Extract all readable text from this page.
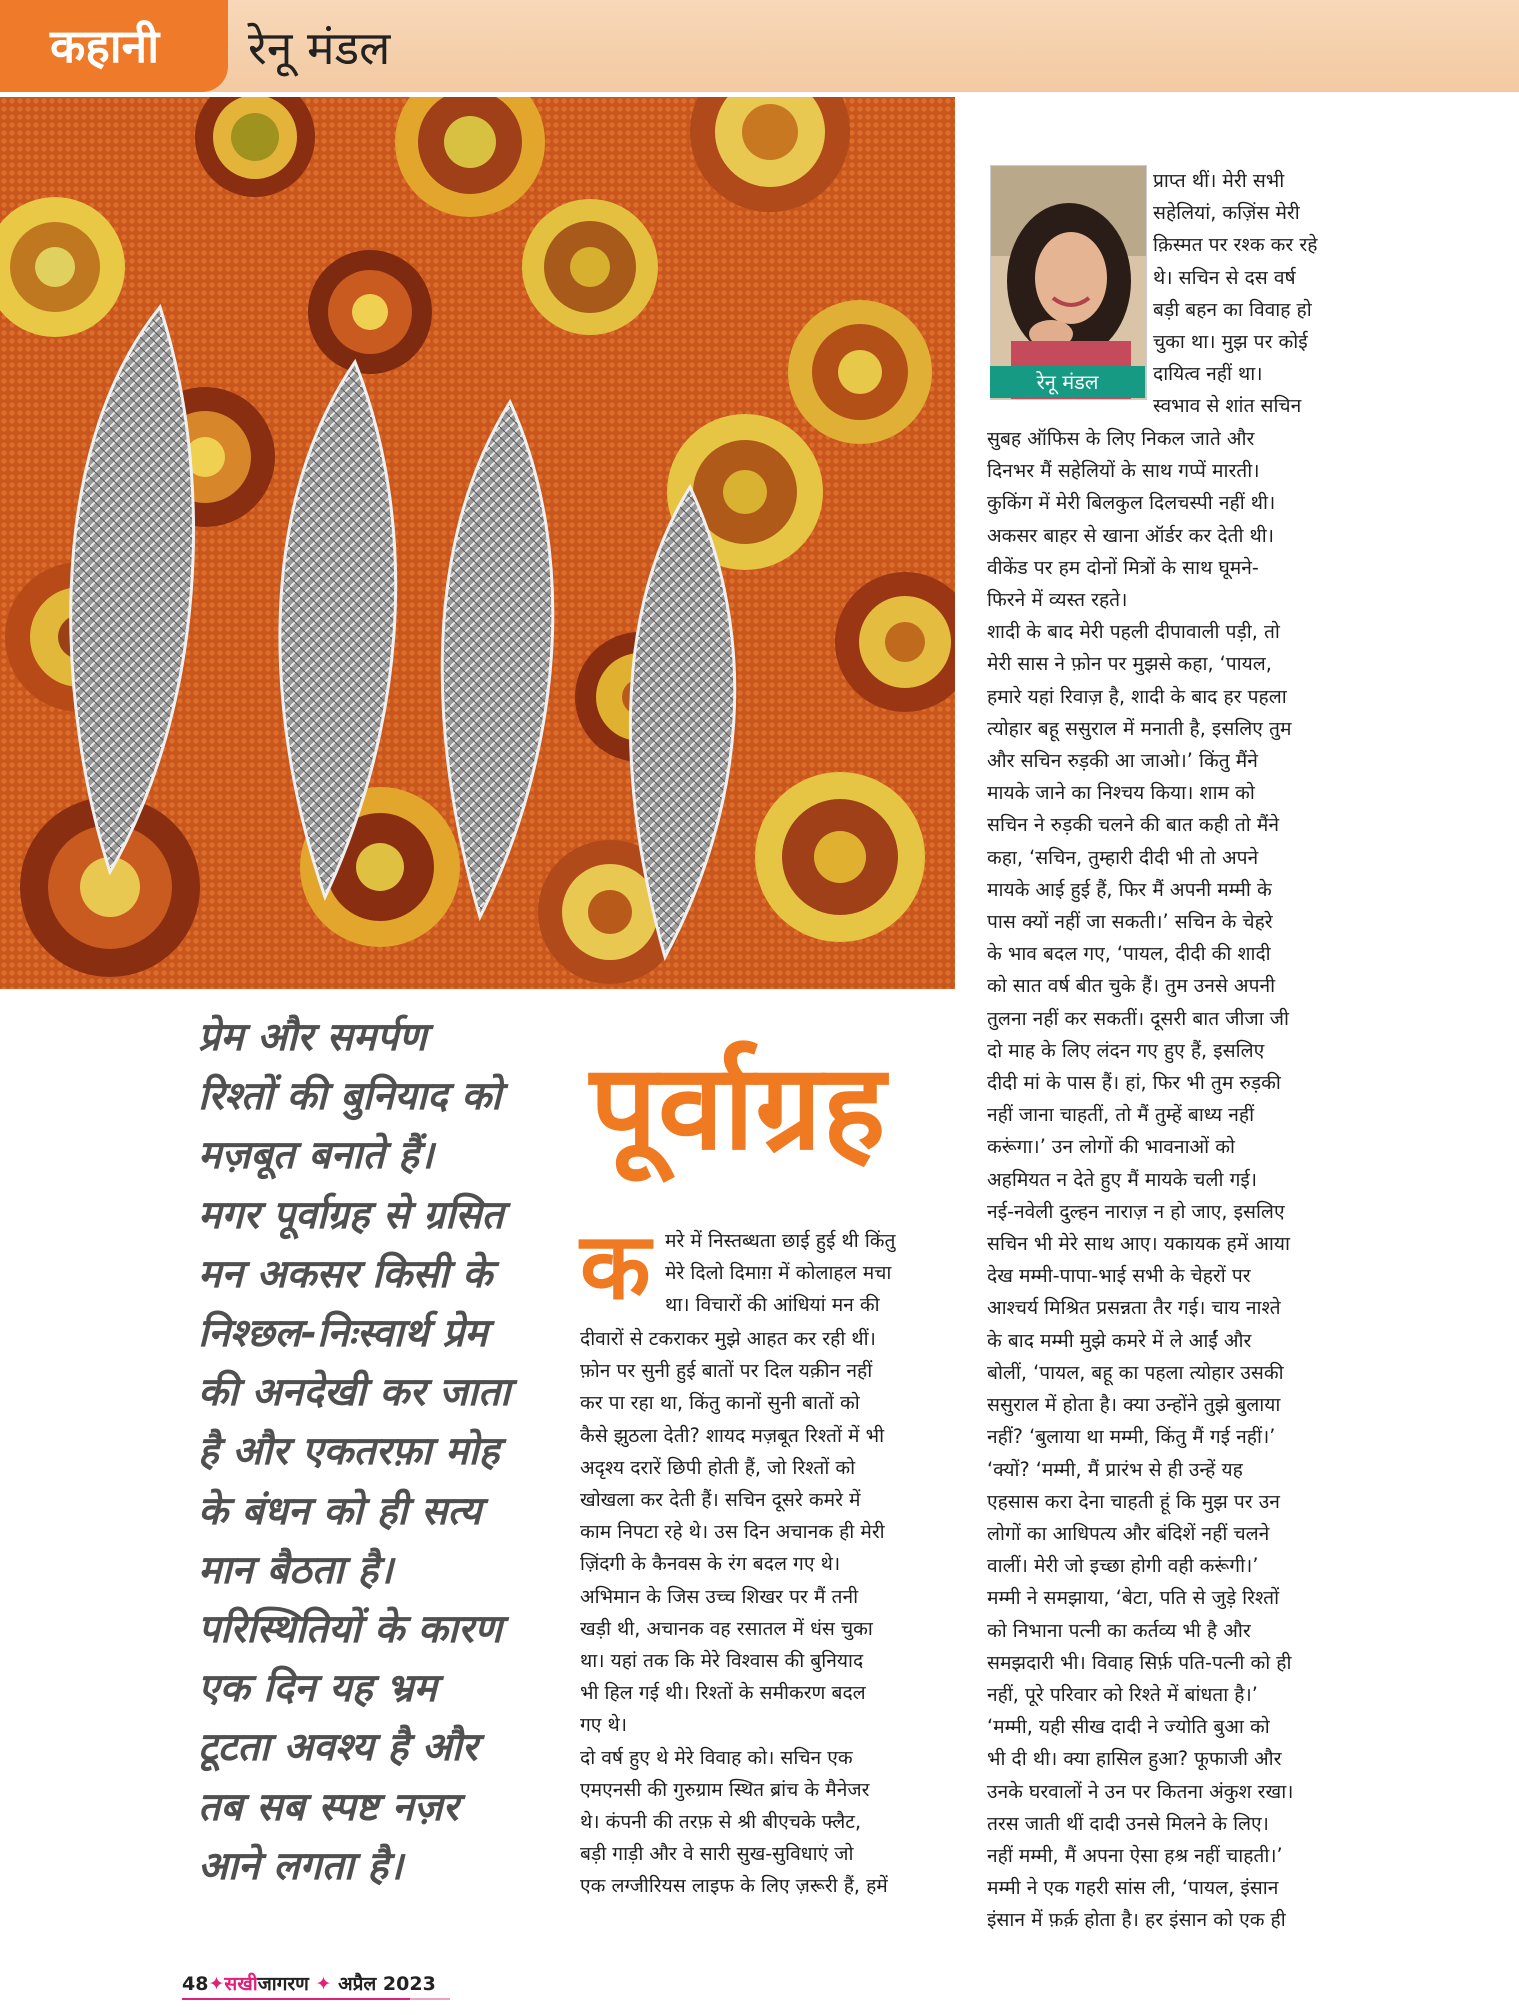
कहानी रेनू मंडल
रेनू मंडल

प्राप्त थीं। मेरी सभी
सहेलियां, कज़िंस मेरी
क़िस्मत पर रश्क कर रहे
थे। सचिन से दस वर्ष
बड़ी बहन का विवाह हो
चुका था। मुझ पर कोई
दायित्व नहीं था।
स्वभाव से शांत सचिन

सुबह ऑफिस के लिए निकल जाते और
दिनभर मैं सहेलियों के साथ गप्पें मारती।
कुकिंग में मेरी बिलकुल दिलचस्पी नहीं थी।
अकसर बाहर से खाना ऑर्डर कर देती थी।
वीकेंड पर हम दोनों मित्रों के साथ घूमने-
फिरने में व्यस्त रहते।
शादी के बाद मेरी पहली दीपावाली पड़ी, तो
मेरी सास ने फ़ोन पर मुझसे कहा, ‘पायल,
हमारे यहां रिवाज़ है, शादी के बाद हर पहला
त्योहार बहू ससुराल में मनाती है, इसलिए तुम
और सचिन रुड़की आ जाओ।’ किंतु मैंने
मायके जाने का निश्चय किया। शाम को
सचिन ने रुड़की चलने की बात कही तो मैंने
कहा, ‘सचिन, तुम्हारी दीदी भी तो अपने
मायके आई हुई हैं, फिर मैं अपनी मम्मी के
पास क्यों नहीं जा सकती।’ सचिन के चेहरे
के भाव बदल गए, ‘पायल, दीदी की शादी
को सात वर्ष बीत चुके हैं। तुम उनसे अपनी
तुलना नहीं कर सकतीं। दूसरी बात जीजा जी
दो माह के लिए लंदन गए हुए हैं, इसलिए
दीदी मां के पास हैं। हां, फिर भी तुम रुड़की
नहीं जाना चाहतीं, तो मैं तुम्हें बाध्य नहीं
करूंगा।’ उन लोगों की भावनाओं को
अहमियत न देते हुए मैं मायके चली गई।
नई-नवेली दुल्हन नाराज़ न हो जाए, इसलिए
सचिन भी मेरे साथ आए। यकायक हमें आया
देख मम्मी-पापा-भाई सभी के चेहरों पर
आश्चर्य मिश्रित प्रसन्नता तैर गई। चाय नाश्ते
के बाद मम्मी मुझे कमरे में ले आईं और
बोलीं, ‘पायल, बहू का पहला त्योहार उसकी
ससुराल में होता है। क्या उन्होंने तुझे बुलाया
नहीं? ‘बुलाया था मम्मी, किंतु मैं गई नहीं।’
‘क्यों? ‘मम्मी, मैं प्रारंभ से ही उन्हें यह
एहसास करा देना चाहती हूं कि मुझ पर उन
लोगों का आधिपत्य और बंदिशें नहीं चलने
वालीं। मेरी जो इच्छा होगी वही करूंगी।’
मम्मी ने समझाया, ‘बेटा, पति से जुड़े रिश्तों
को निभाना पत्नी का कर्तव्य भी है और
समझदारी भी। विवाह सिर्फ़ पति-पत्नी को ही
नहीं, पूरे परिवार को रिश्ते में बांधता है।’
‘मम्मी, यही सीख दादी ने ज्योति बुआ को
भी दी थी। क्या हासिल हुआ? फूफाजी और
उनके घरवालों ने उन पर कितना अंकुश रखा।
तरस जाती थीं दादी उनसे मिलने के लिए।
नहीं मम्मी, मैं अपना ऐसा हश्र नहीं चाहती।’
मम्मी ने एक गहरी सांस ली, ‘पायल, इंसान
इंसान में फ़र्क़ होता है। हर इंसान को एक ही

प्रेम और समर्पण
रिश्तों की बुनियाद को
मज़बूत बनाते हैं।
मगर पूर्वाग्रह से ग्रसित
मन अकसर किसी के
निश्छल-निःस्वार्थ प्रेम
की अनदेखी कर जाता
है और एकतरफ़ा मोह
के बंधन को ही सत्य
मान बैठता है।
परिस्थितियों के कारण
एक दिन यह भ्रम
टूटता अवश्य है और
तब सब स्पष्ट नज़र
आने लगता है।

पूर्वाग्रह
क मरे में निस्तब्धता छाई हुई थी किंतु
मेरे दिलो दिमाग़ में कोलाहल मचा
था। विचारों की आंधियां मन की

दीवारों से टकराकर मुझे आहत कर रही थीं।
फ़ोन पर सुनी हुई बातों पर दिल यक़ीन नहीं
कर पा रहा था, किंतु कानों सुनी बातों को
कैसे झुठला देती? शायद मज़बूत रिश्तों में भी
अदृश्य दरारें छिपी होती हैं, जो रिश्तों को
खोखला कर देती हैं। सचिन दूसरे कमरे में
काम निपटा रहे थे। उस दिन अचानक ही मेरी
ज़िंदगी के कैनवस के रंग बदल गए थे।
अभिमान के जिस उच्च शिखर पर मैं तनी
खड़ी थी, अचानक वह रसातल में धंस चुका
था। यहां तक कि मेरे विश्वास की बुनियाद
भी हिल गई थी। रिश्तों के समीकरण बदल
गए थे।
दो वर्ष हुए थे मेरे विवाह को। सचिन एक
एमएनसी की गुरुग्राम स्थित ब्रांच के मैनेजर
थे। कंपनी की तरफ़ से श्री बीएचके फ्लैट,
बड़ी गाड़ी और वे सारी सुख-सुविधाएं जो
एक लग्जीरियस लाइफ के लिए ज़रूरी हैं, हमें

48✦सखीजागरण ✦ अप्रैल 2023
